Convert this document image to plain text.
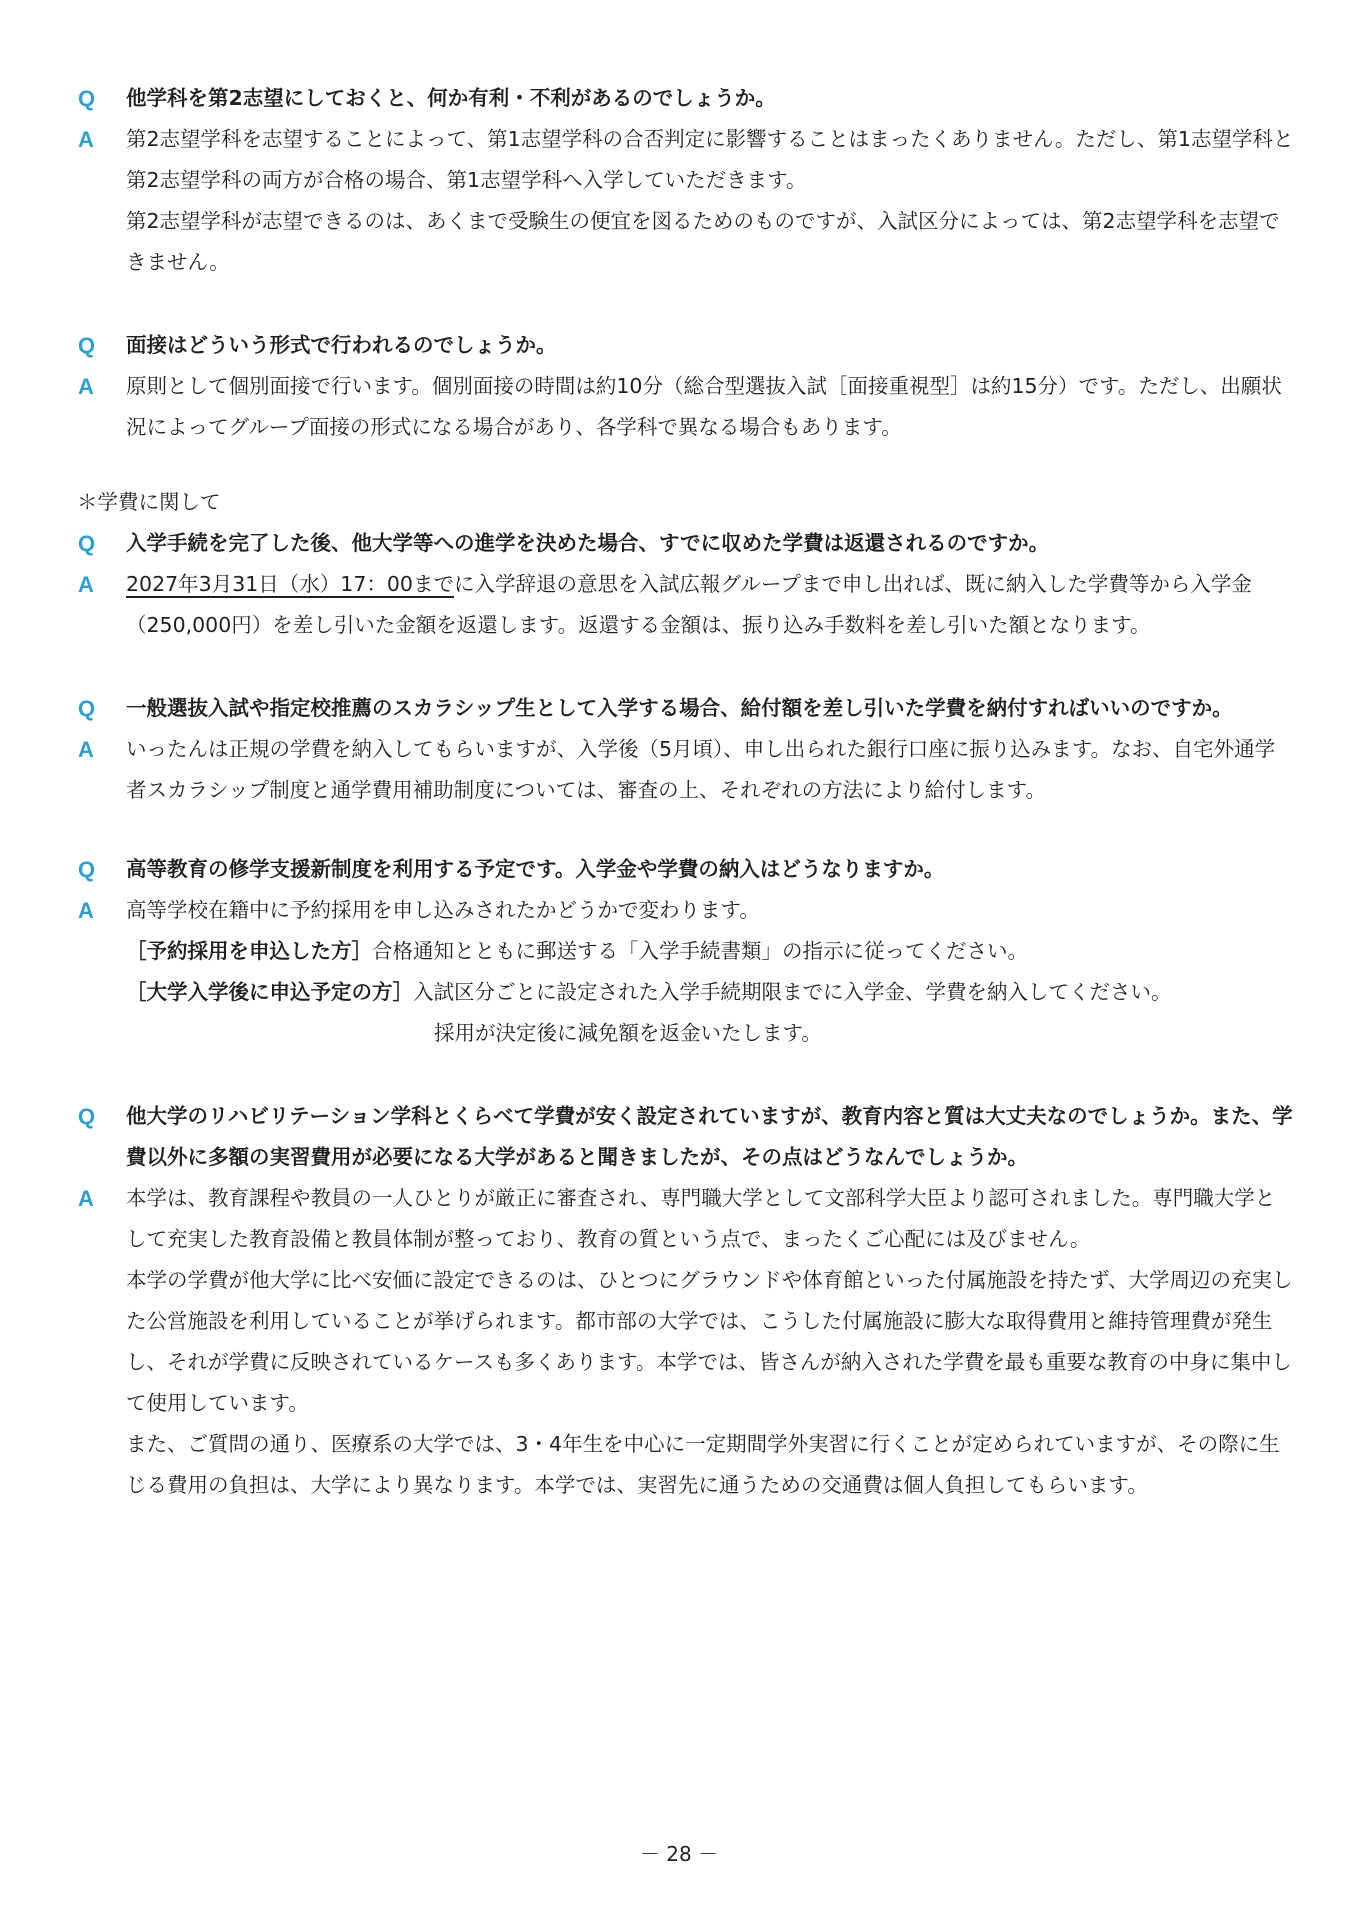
Q	他学科を第2志望にしておくと、何か有利・不利があるのでしょうか。
A	第2志望学科を志望することによって、第1志望学科の合否判定に影響することはまったくありません。ただし、第1志望学科と第2志望学科の両方が合格の場合、第1志望学科へ入学していただきます。
第2志望学科が志望できるのは、あくまで受験生の便宜を図るためのものですが、入試区分によっては、第2志望学科を志望できません。
Q	面接はどういう形式で行われるのでしょうか。
A	原則として個別面接で行います。個別面接の時間は約10分（総合型選抜入試［面接重視型］は約15分）です。ただし、出願状況によってグループ面接の形式になる場合があり、各学科で異なる場合もあります。
＊学費に関して
Q	入学手続を完了した後、他大学等への進学を決めた場合、すでに収めた学費は返還されるのですか。
A	2027年3月31日（水）17：00までに入学辞退の意思を入試広報グループまで申し出れば、既に納入した学費等から入学金（250,000円）を差し引いた金額を返還します。返還する金額は、振り込み手数料を差し引いた額となります。
Q	一般選抜入試や指定校推薦のスカラシップ生として入学する場合、給付額を差し引いた学費を納付すればいいのですか。
A	いったんは正規の学費を納入してもらいますが、入学後（5月頃）、申し出られた銀行口座に振り込みます。なお、自宅外通学者スカラシップ制度と通学費用補助制度については、審査の上、それぞれの方法により給付します。
Q	高等教育の修学支援新制度を利用する予定です。入学金や学費の納入はどうなりますか。
A	高等学校在籍中に予約採用を申し込みされたかどうかで変わります。
［予約採用を申込した方］合格通知とともに郵送する「入学手続書類」の指示に従ってください。
［大学入学後に申込予定の方］入試区分ごとに設定された入学手続期限までに入学金、学費を納入してください。
採用が決定後に減免額を返金いたします。
Q	他大学のリハビリテーション学科とくらべて学費が安く設定されていますが、教育内容と質は大丈夫なのでしょうか。また、学費以外に多額の実習費用が必要になる大学があると聞きましたが、その点はどうなんでしょうか。
A	本学は、教育課程や教員の一人ひとりが厳正に審査され、専門職大学として文部科学大臣より認可されました。専門職大学として充実した教育設備と教員体制が整っており、教育の質という点で、まったくご心配には及びません。
本学の学費が他大学に比べ安価に設定できるのは、ひとつにグラウンドや体育館といった付属施設を持たず、大学周辺の充実した公営施設を利用していることが挙げられます。都市部の大学では、こうした付属施設に膨大な取得費用と維持管理費が発生し、それが学費に反映されているケースも多くあります。本学では、皆さんが納入された学費を最も重要な教育の中身に集中して使用しています。
また、ご質問の通り、医療系の大学では、3・4年生を中心に一定期間学外実習に行くことが定められていますが、その際に生じる費用の負担は、大学により異なります。本学では、実習先に通うための交通費は個人負担してもらいます。
－ 28 －
